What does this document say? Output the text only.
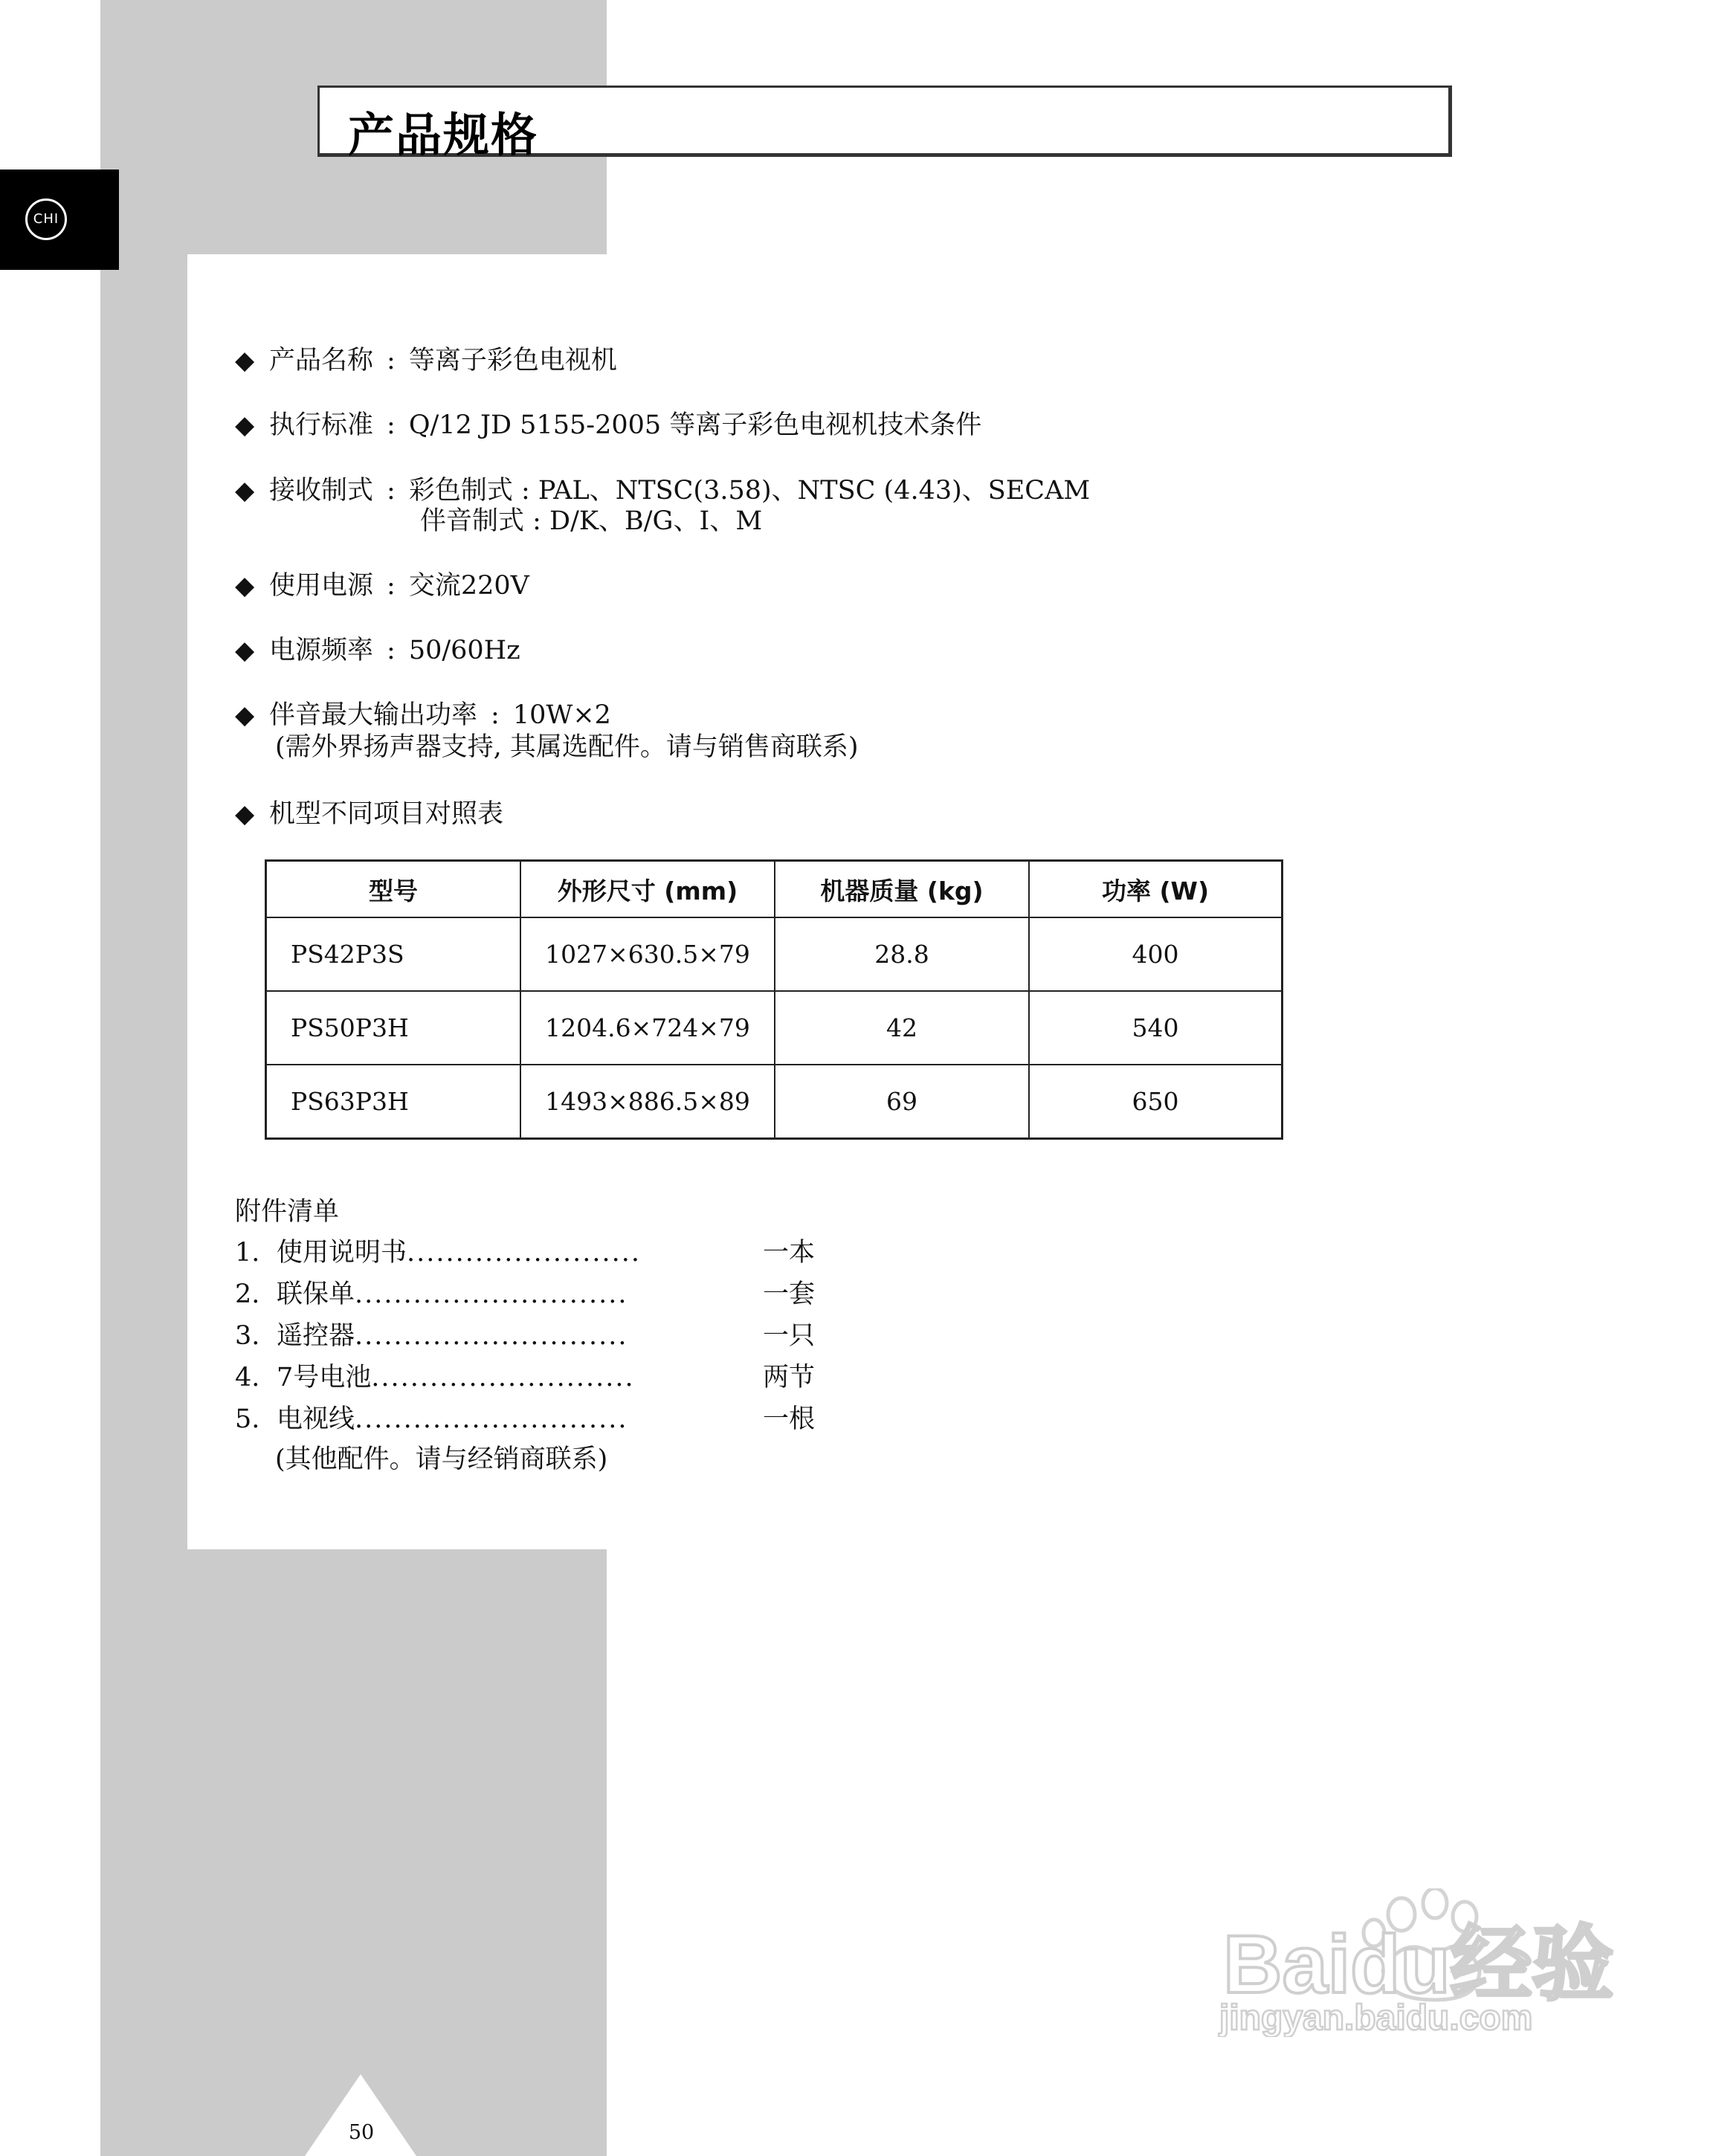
CHI
产品规格
◆ 产品名称 : 等离子彩色电视机
◆ 执行标准 : Q/12 JD 5155-2005 等离子彩色电视机技术条件
◆ 接收制式 : 彩色制式 : PAL、NTSC(3.58)、NTSC (4.43)、SECAM
伴音制式 : D/K、B/G、I、M
◆ 使用电源 : 交流220V
◆ 电源频率 : 50/60Hz
◆ 伴音最大输出功率 : 10W×2
(需外界扬声器支持, 其属选配件。请与销售商联系)
◆ 机型不同项目对照表
型号	外形尺寸 (mm)	机器质量 (kg)	功率 (W)
PS42P3S	1027×630.5×79	28.8	400
PS50P3H	1204.6×724×79	42	540
PS63P3H	1493×886.5×89	69	650
附件清单
1. 使用说明书........................	一本
2. 联保单............................	一套
3. 遥控器............................	一只
4. 7号电池...........................	两节
5. 电视线............................	一根
(其他配件。请与经销商联系)
50
Baidu经验
jingyan.baidu.com
